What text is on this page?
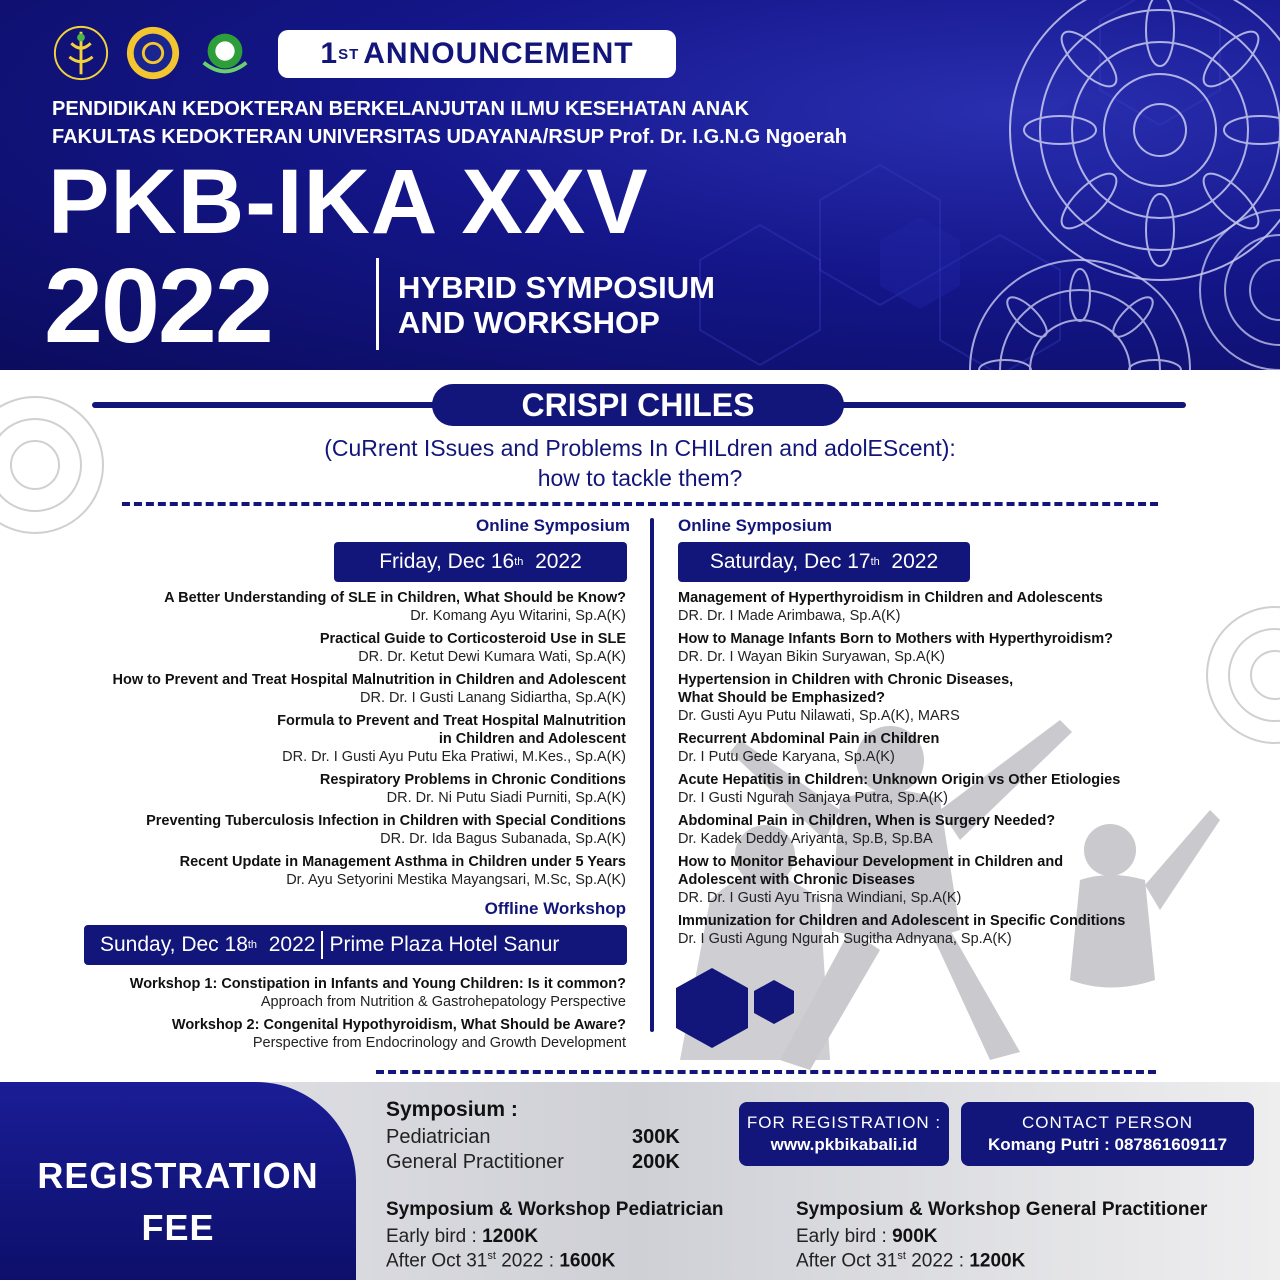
1 ST ANNOUNCEMENT
PENDIDIKAN KEDOKTERAN BERKELANJUTAN ILMU KESEHATAN ANAK
FAKULTAS KEDOKTERAN UNIVERSITAS UDAYANA/RSUP Prof. Dr. I.G.N.G Ngoerah
PKB-IKA XXV
2022	HYBRID SYMPOSIUM
AND WORKSHOP
CRISPI CHILES
(CuRrent ISsues and Problems In CHILdren and adolEScent):
how to tackle them?
Online Symposium
Friday, Dec 16 th
2022
A Better Understanding of SLE in Children, What Should be Know?
Dr. Komang Ayu Witarini, Sp.A(K)
Practical Guide to Corticosteroid Use in SLE
DR. Dr. Ketut Dewi Kumara Wati, Sp.A(K)
How to Prevent and Treat Hospital Malnutrition in Children and Adolescent
DR. Dr. I Gusti Lanang Sidiartha, Sp.A(K)
Formula to Prevent and Treat Hospital Malnutrition
in Children and Adolescent
DR. Dr. I Gusti Ayu Putu Eka Pratiwi, M.Kes., Sp.A(K)
Respiratory Problems in Chronic Conditions
DR. Dr. Ni Putu Siadi Purniti, Sp.A(K)
Preventing Tuberculosis Infection in Children with Special Conditions
DR. Dr. Ida Bagus Subanada, Sp.A(K)
Recent Update in Management Asthma in Children under 5 Years
Dr. Ayu Setyorini Mestika Mayangsari, M.Sc, Sp.A(K)
Offline Workshop
Sunday, Dec 18 th
2022 Prime Plaza Hotel Sanur
Workshop 1: Constipation in Infants and Young Children: Is it common?
Approach from Nutrition & Gastrohepatology Perspective
Workshop 2: Congenital Hypothyroidism, What Should be Aware?
Perspective from Endocrinology and Growth Development
Online Symposium
Saturday, Dec 17 th
2022
Management of Hyperthyroidism in Children and Adolescents
DR. Dr. I Made Arimbawa, Sp.A(K)
How to Manage Infants Born to Mothers with Hyperthyroidism?
DR. Dr. I Wayan Bikin Suryawan, Sp.A(K)
Hypertension in Children with Chronic Diseases,
What Should be Emphasized?
Dr. Gusti Ayu Putu Nilawati, Sp.A(K), MARS
Recurrent Abdominal Pain in Children
Dr. I Putu Gede Karyana, Sp.A(K)
Acute Hepatitis in Children: Unknown Origin vs Other Etiologies
Dr. I Gusti Ngurah Sanjaya Putra, Sp.A(K)
Abdominal Pain in Children, When is Surgery Needed?
Dr. Kadek Deddy Ariyanta, Sp.B, Sp.BA
How to Monitor Behaviour Development in Children and
Adolescent with Chronic Diseases
DR. Dr. I Gusti Ayu Trisna Windiani, Sp.A(K)
Immunization for Children and Adolescent in Specific Conditions
Dr. I Gusti Agung Ngurah Sugitha Adnyana, Sp.A(K)
REGISTRATION
FEE
Symposium :
Pediatrician	300K
General Practitioner	200K
FOR REGISTRATION :
www.pkbikabali.id
CONTACT PERSON
Komang Putri : 087861609117
Symposium & Workshop Pediatrician
Early bird : 1200K
After Oct 31st 2022 : 1600K
Symposium & Workshop General Practitioner
Early bird : 900K
After Oct 31st 2022 : 1200K
